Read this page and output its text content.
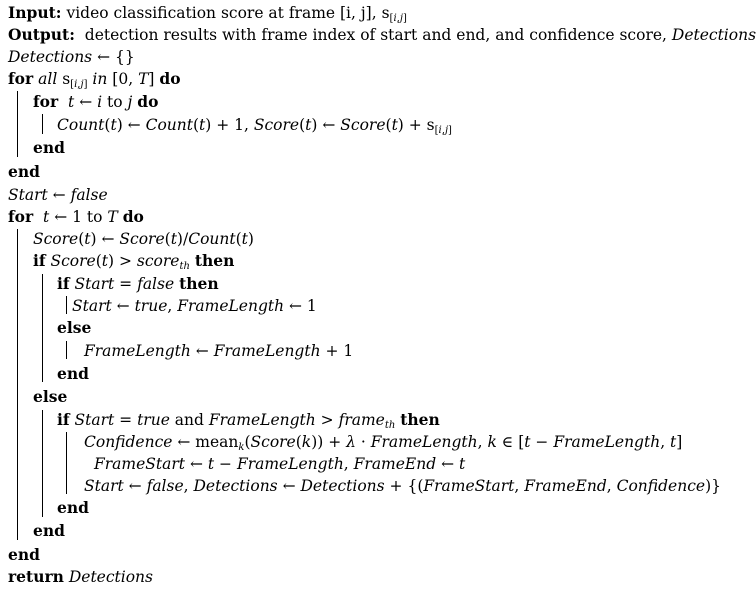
Input: video classification score at frame [i, j], $s_{[i,j]}$
Output:  detection results with frame index of start and end, and confidence score, Detections
Detections ← {}
for all $s_{[i,j]}$ in [0, T] do
for t ← i to j do
Count(t) ← Count(t) + 1, Score(t) ← Score(t) + $s_{[i,j]}$
end
end
Start ← false
for t ← 1 to T do
Score(t) ← Score(t)/Count(t)
if Score(t) > score$_{th}$ then
if Start = false then
Start ← true, FrameLength ← 1
else
FrameLength ← FrameLength + 1
end
else
if Start = true and FrameLength > frame$_{th}$ then
Confidence ← mean$_k$(Score(k)) + λ · FrameLength, k ∈ [t − FrameLength, t]
FrameStart ← t − FrameLength, FrameEnd ← t
Start ← false, Detections ← Detections + {(FrameStart, FrameEnd, Confidence)}
end
end
end
return Detections
